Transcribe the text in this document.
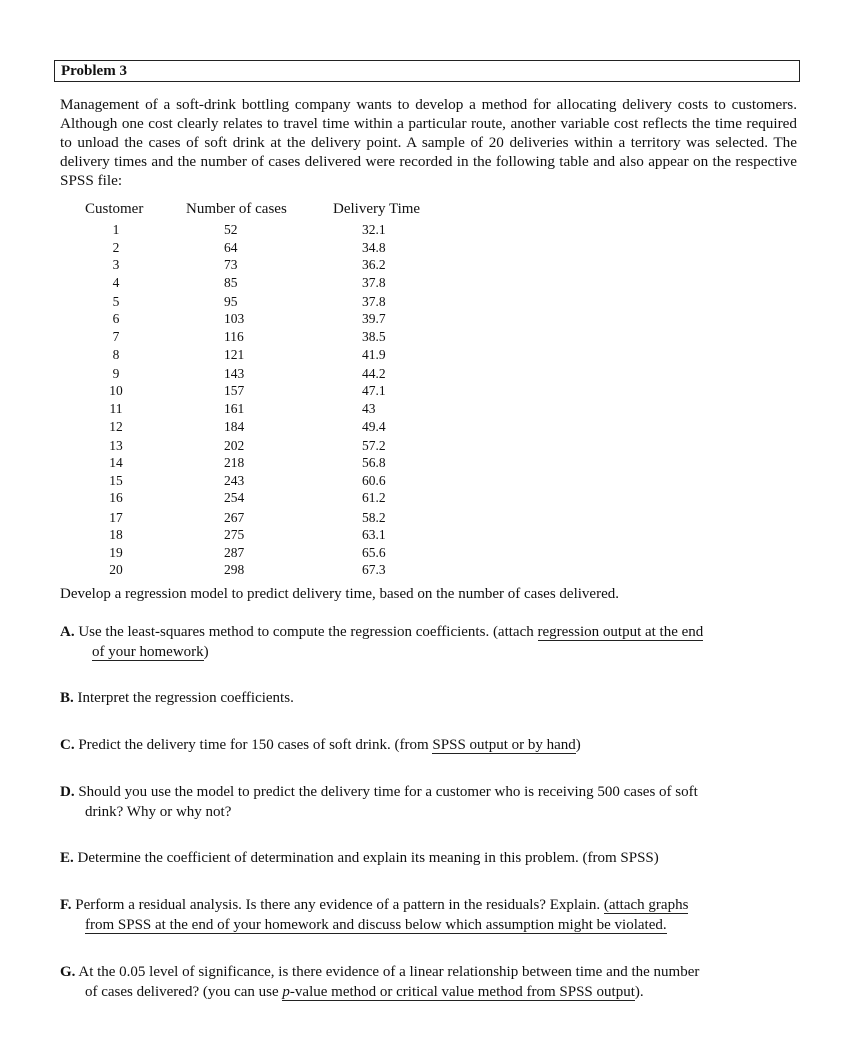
Problem 3
Management of a soft-drink bottling company wants to develop a method for allocating delivery costs to customers. Although one cost clearly relates to travel time within a particular route, another variable cost reflects the time required to unload the cases of soft drink at the delivery point. A sample of 20 deliveries within a territory was selected. The delivery times and the number of cases delivered were recorded in the following table and also appear on the respective SPSS file:
Customer	Number of cases	Delivery Time
1	52	32.1
2	64	34.8
3	73	36.2
4	85	37.8
5	95	37.8
6	103	39.7
7	116	38.5
8	121	41.9
9	143	44.2
10	157	47.1
11	161	43
12	184	49.4
13	202	57.2
14	218	56.8
15	243	60.6
16	254	61.2
17	267	58.2
18	275	63.1
19	287	65.6
20	298	67.3
Develop a regression model to predict delivery time, based on the number of cases delivered.
A. Use the least-squares method to compute the regression coefficients. (attach regression output at the end
of your homework)
B. Interpret the regression coefficients.
C. Predict the delivery time for 150 cases of soft drink. (from SPSS output or by hand)
D. Should you use the model to predict the delivery time for a customer who is receiving 500 cases of soft
drink? Why or why not?
E. Determine the coefficient of determination and explain its meaning in this problem. (from SPSS)
F. Perform a residual analysis. Is there any evidence of a pattern in the residuals? Explain. (attach graphs
from SPSS at the end of your homework and discuss below which assumption might be violated.
G. At the 0.05 level of significance, is there evidence of a linear relationship between time and the number
of cases delivered? (you can use p-value method or critical value method from SPSS output).
